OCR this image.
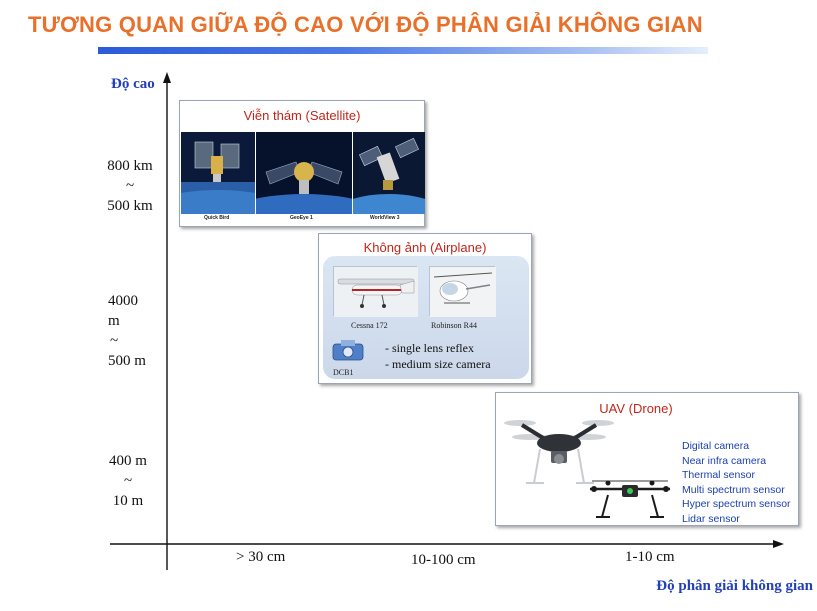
TƯƠNG QUAN GIỮA ĐỘ CAO VỚI ĐỘ PHÂN GIẢI KHÔNG GIAN
Độ cao
Độ phân giải không gian
800 km
~
500 km
4000
m
~
500 m
400 m
~
10 m
> 30 cm	10-100 cm	1-10 cm
Viễn thám (Satellite)
Quick Bird	GeoEye 1	WorldView 3
Không ảnh (Airplane)
Cessna 172	Robinson R44
DCB1
- single lens reflex
- medium size camera
UAV (Drone)
Digital camera
Near infra camera
Thermal sensor
Multi spectrum sensor
Hyper spectrum sensor
Lidar sensor
